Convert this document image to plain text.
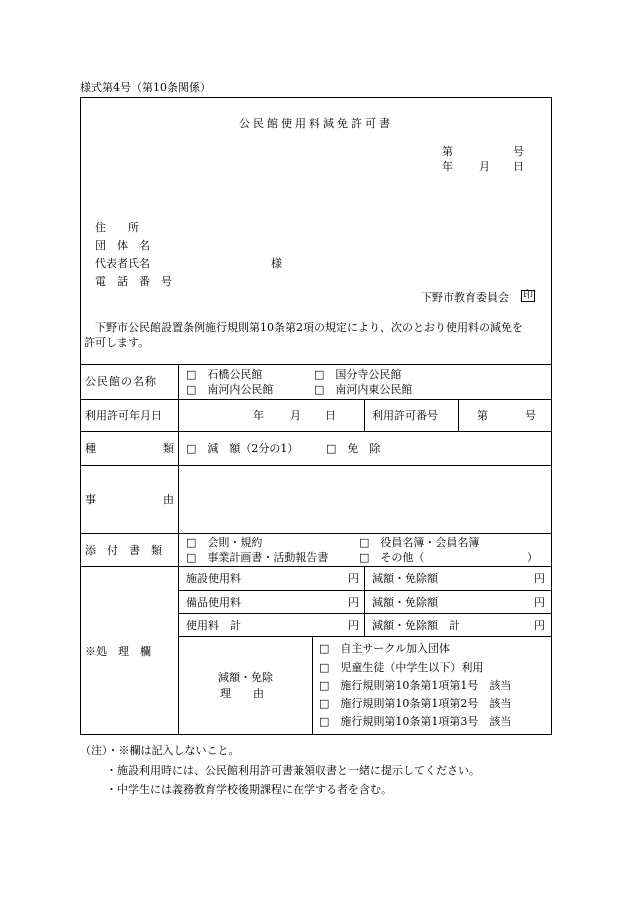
様式第4号（第10条関係）
公民館使用料減免許可書
第	号
年 月 日
住　　所
団　体　名
代表者氏名	様
電　話　番　号
下野市教育委員会 印
下野市公民館設置条例施行規則第10条第2項の規定により、次のとおり使用料の減免を
許可します。
公民館の名称
□　石橋公民館	□　国分寺公民館
□　南河内公民館	□　南河内東公民館
利用許可年月日	年 月 日	利用許可番号	第	号
種	類 □　減　額（2分の1）	□　免　除
事	由
添　付　書　類
□　会則・規約	□　役員名簿・会員名簿
□　事業計画書・活動報告書	□　その他（	）
※処　理　欄
施設使用料	円 減額・免除額	円
備品使用料	円 減額・免除額	円
使用料　計	円 減額・免除額　計	円
減額・免除
理　　由
□　自主サークル加入団体
□　児童生徒（中学生以下）利用
□　施行規則第10条第1項第1号　該当
□　施行規則第10条第1項第2号　該当
□　施行規則第10条第1項第3号　該当
（注）・※欄は記入しないこと。
・施設利用時には、公民館利用許可書兼領収書と一緒に提示してください。
・中学生には義務教育学校後期課程に在学する者を含む。
